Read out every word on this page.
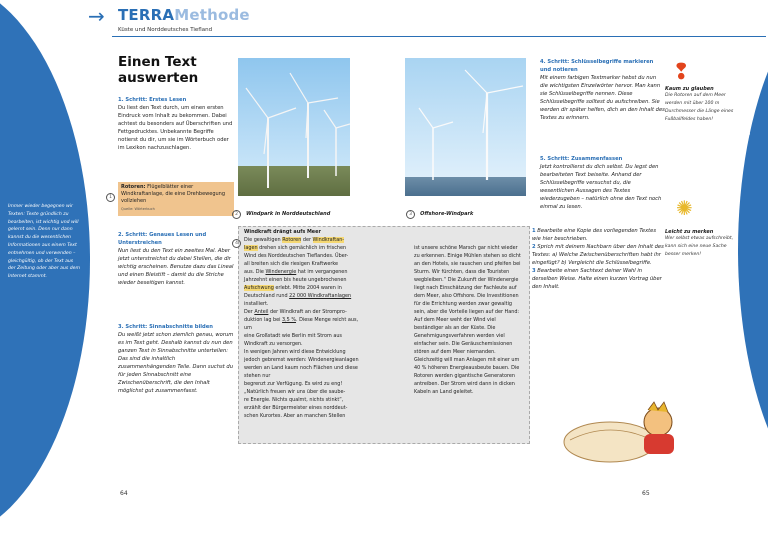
Methode
→ TERRAMethode
Küste und Norddeutsches Tiefland
Immer wieder begegnen wir Texten: Texte gründlich zu bearbeiten, ist wichtig und will gelernt sein. Denn nur dann kannst du die wesentlichen Informationen aus einem Text entnehmen und verwenden – gleichgültig, ob der Text aus der Zeitung oder aber aus dem Internet stammt.
Einen Text
auswerten
1. Schritt: Erstes Lesen
Du liest den Text durch, um einen ersten Eindruck vom Inhalt zu bekommen. Dabei achtest du besonders auf Überschriften und Fettgedrucktes. Unbekannte Begriffe notierst du dir, um sie im Wörterbuch oder im Lexikon nachzuschlagen.
1
Rotoren: Flügelblätter einer Windkraftanlage, die eine Drehbewegung vollziehen
Quelle: Wörterbuch
2 Windpark in Norddeutschland	3 Offshore-Windpark
2. Schritt: Genaues Lesen und Unterstreichen
Nun liest du den Text ein zweites Mal. Aber jetzt unterstreichst du dabei Stellen, die dir wichtig erscheinen. Benutze dazu das Lineal und einen Bleistift – damit du die Striche wieder beseitigen kannst.
3. Schritt: Sinnabschnitte bilden
Du weißt jetzt schon ziemlich genau, worum es im Text geht. Deshalb kannst du nun den ganzen Text in Sinnabschnitte unterteilen: Das sind die inhaltlich zusammenhängenden Teile. Dann suchst du für jeden Sinnabschnitt eine Zwischenüberschrift, die den Inhalt möglichst gut zusammenfasst.
4
Windkraft drängt aufs Meer
Die gewaltigen Rotoren der Windkraftan-
lagen drehen sich gemächlich im frischen
Wind des Norddeutschen Tieflandes. Über-
all breiten sich die riesigen Kraftwerke
aus. Die Windenergie hat im vergangenen
Jahrzehnt einen bis heute ungebrochenen
Aufschwung erlebt. Mitte 2004 waren in
Deutschland rund 22 000 Windkraftanlagen
installiert.
Der Anteil der Windkraft an der Strompro-
duktion lag bei 3,5 %. Diese Menge reicht aus, um
eine Großstadt wie Berlin mit Strom aus
Windkraft zu versorgen.
In wenigen Jahren wird diese Entwicklung
jedoch gebremst werden: Windenergieanlagen
werden an Land kaum noch Flächen und diese stehen nur
begrenzt zur Verfügung. Es wird zu eng!
„Natürlich freuen wir uns über die saube-
re Energie. Nichts qualmt, nichts stinkt“,
erzählt der Bürgermeister eines norddeut-
schen Kurortes. Aber an manchen Stellen
ist unsere schöne Marsch gar nicht wieder zu erkennen. Einige Mühlen stehen so dicht an den Hotels, sie rauschen und pfeifen bei Sturm. Wir fürchten, dass die Touristen wegbleiben.“ Die Zukunft der Windenergie liegt nach Einschätzung der Fachleute auf dem Meer, also Offshore. Die Investitionen für die Errichtung werden zwar gewaltig sein, aber die Vorteile liegen auf der Hand: Auf dem Meer weht der Wind viel beständiger als an der Küste. Die Genehmigungsverfahren werden viel einfacher sein. Die Geräuschemissionen stören auf dem Meer niemanden. Gleichzeitig will man Anlagen mit einer um 40 % höheren Energieausbeute bauen. Die Rotoren werden gigantische Generatoren antreiben. Der Strom wird dann in dicken Kabeln an Land geleitet.
4. Schritt: Schlüsselbegriffe markieren und notieren
Mit einem farbigen Textmarker hebst du nun die wichtigsten Einzelwörter hervor. Man kann sie Schlüsselbegriffe nennen. Diese Schlüsselbegriffe solltest du aufschreiben. Sie werden dir später helfen, dich an den Inhalt des Textes zu erinnern.
5. Schritt: Zusammenfassen
Jetzt kontrollierst du dich selbst. Du legst den bearbeiteten Text beiseite. Anhand der Schlüsselbegriffe versuchst du, die wesentlichen Aussagen des Textes wiederzugeben – natürlich ohne den Text noch einmal zu lesen.
1 Bearbeite eine Kopie des vorliegenden Textes wie hier beschrieben.
2 Sprich mit deinem Nachbarn über den Inhalt des Textes: a) Welche Zwischenüberschriften habt ihr eingefügt? b) Vergleicht die Schlüsselbegriffe.
3 Bearbeite einen Sachtext deiner Wahl in derselben Weise. Halte einen kurzen Vortrag über den Inhalt.
❢
Kaum zu glauben
Die Rotoren auf dem Meer werden mit über 100 m Durchmesser die Länge eines Fußballfeldes haben!
✺
Leicht zu merken
Wer selbst etwas aufschreibt, kann sich eine neue Sache besser merken!
64	65
